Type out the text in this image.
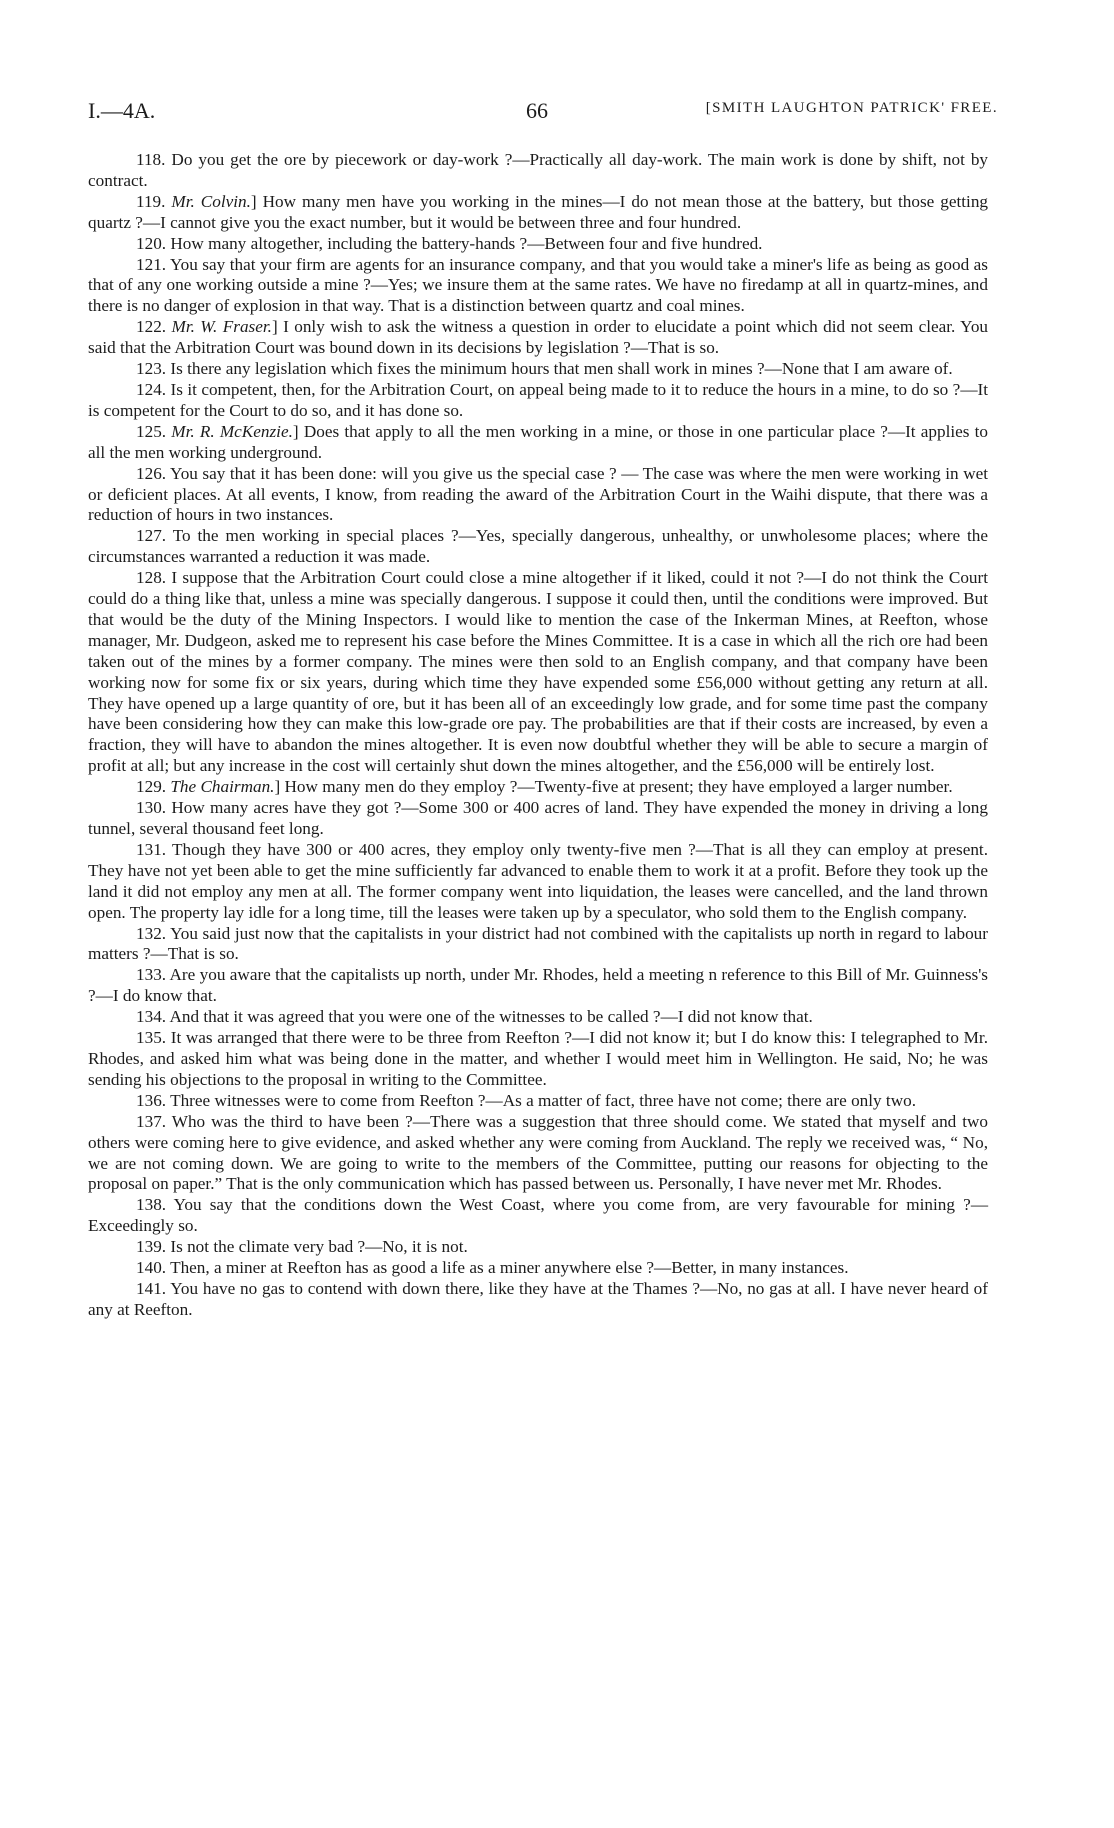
I.—4A.	66	[SMITH LAUGHTON PATRICK' FREE.

118. Do you get the ore by piecework or day-work ?—Practically all day-work. The main work is done by shift, not by contract.

119. Mr. Colvin.] How many men have you working in the mines—I do not mean those at the battery, but those getting quartz ?—I cannot give you the exact number, but it would be between three and four hundred.

120. How many altogether, including the battery-hands ?—Between four and five hundred.

121. You say that your firm are agents for an insurance company, and that you would take a miner's life as being as good as that of any one working outside a mine ?—Yes; we insure them at the same rates. We have no firedamp at all in quartz-mines, and there is no danger of explosion in that way. That is a distinction between quartz and coal mines.

122. Mr. W. Fraser.] I only wish to ask the witness a question in order to elucidate a point which did not seem clear. You said that the Arbitration Court was bound down in its decisions by legislation ?—That is so.

123. Is there any legislation which fixes the minimum hours that men shall work in mines ?—None that I am aware of.

124. Is it competent, then, for the Arbitration Court, on appeal being made to it to reduce the hours in a mine, to do so ?—It is competent for the Court to do so, and it has done so.

125. Mr. R. McKenzie.] Does that apply to all the men working in a mine, or those in one particular place ?—It applies to all the men working underground.

126. You say that it has been done: will you give us the special case ? — The case was where the men were working in wet or deficient places. At all events, I know, from reading the award of the Arbitration Court in the Waihi dispute, that there was a reduction of hours in two instances.

127. To the men working in special places ?—Yes, specially dangerous, unhealthy, or unwholesome places; where the circumstances warranted a reduction it was made.

128. I suppose that the Arbitration Court could close a mine altogether if it liked, could it not ?—I do not think the Court could do a thing like that, unless a mine was specially dangerous. I suppose it could then, until the conditions were improved. But that would be the duty of the Mining Inspectors. I would like to mention the case of the Inkerman Mines, at Reefton, whose manager, Mr. Dudgeon, asked me to represent his case before the Mines Committee. It is a case in which all the rich ore had been taken out of the mines by a former company. The mines were then sold to an English company, and that company have been working now for some fix or six years, during which time they have expended some £56,000 without getting any return at all. They have opened up a large quantity of ore, but it has been all of an exceedingly low grade, and for some time past the company have been considering how they can make this low-grade ore pay. The probabilities are that if their costs are increased, by even a fraction, they will have to abandon the mines altogether. It is even now doubtful whether they will be able to secure a margin of profit at all; but any increase in the cost will certainly shut down the mines altogether, and the £56,000 will be entirely lost.

129. The Chairman.] How many men do they employ ?—Twenty-five at present; they have employed a larger number.

130. How many acres have they got ?—Some 300 or 400 acres of land. They have expended the money in driving a long tunnel, several thousand feet long.

131. Though they have 300 or 400 acres, they employ only twenty-five men ?—That is all they can employ at present. They have not yet been able to get the mine sufficiently far advanced to enable them to work it at a profit. Before they took up the land it did not employ any men at all. The former company went into liquidation, the leases were cancelled, and the land thrown open. The property lay idle for a long time, till the leases were taken up by a speculator, who sold them to the English company.

132. You said just now that the capitalists in your district had not combined with the capitalists up north in regard to labour matters ?—That is so.

133. Are you aware that the capitalists up north, under Mr. Rhodes, held a meeting n reference to this Bill of Mr. Guinness's ?—I do know that.

134. And that it was agreed that you were one of the witnesses to be called ?—I did not know that.

135. It was arranged that there were to be three from Reefton ?—I did not know it; but I do know this: I telegraphed to Mr. Rhodes, and asked him what was being done in the matter, and whether I would meet him in Wellington. He said, No; he was sending his objections to the proposal in writing to the Committee.

136. Three witnesses were to come from Reefton ?—As a matter of fact, three have not come; there are only two.

137. Who was the third to have been ?—There was a suggestion that three should come. We stated that myself and two others were coming here to give evidence, and asked whether any were coming from Auckland. The reply we received was, “ No, we are not coming down. We are going to write to the members of the Committee, putting our reasons for objecting to the proposal on paper.” That is the only communication which has passed between us. Personally, I have never met Mr. Rhodes.

138. You say that the conditions down the West Coast, where you come from, are very favourable for mining ?—Exceedingly so.

139. Is not the climate very bad ?—No, it is not.

140. Then, a miner at Reefton has as good a life as a miner anywhere else ?—Better, in many instances.

141. You have no gas to contend with down there, like they have at the Thames ?—No, no gas at all. I have never heard of any at Reefton.
